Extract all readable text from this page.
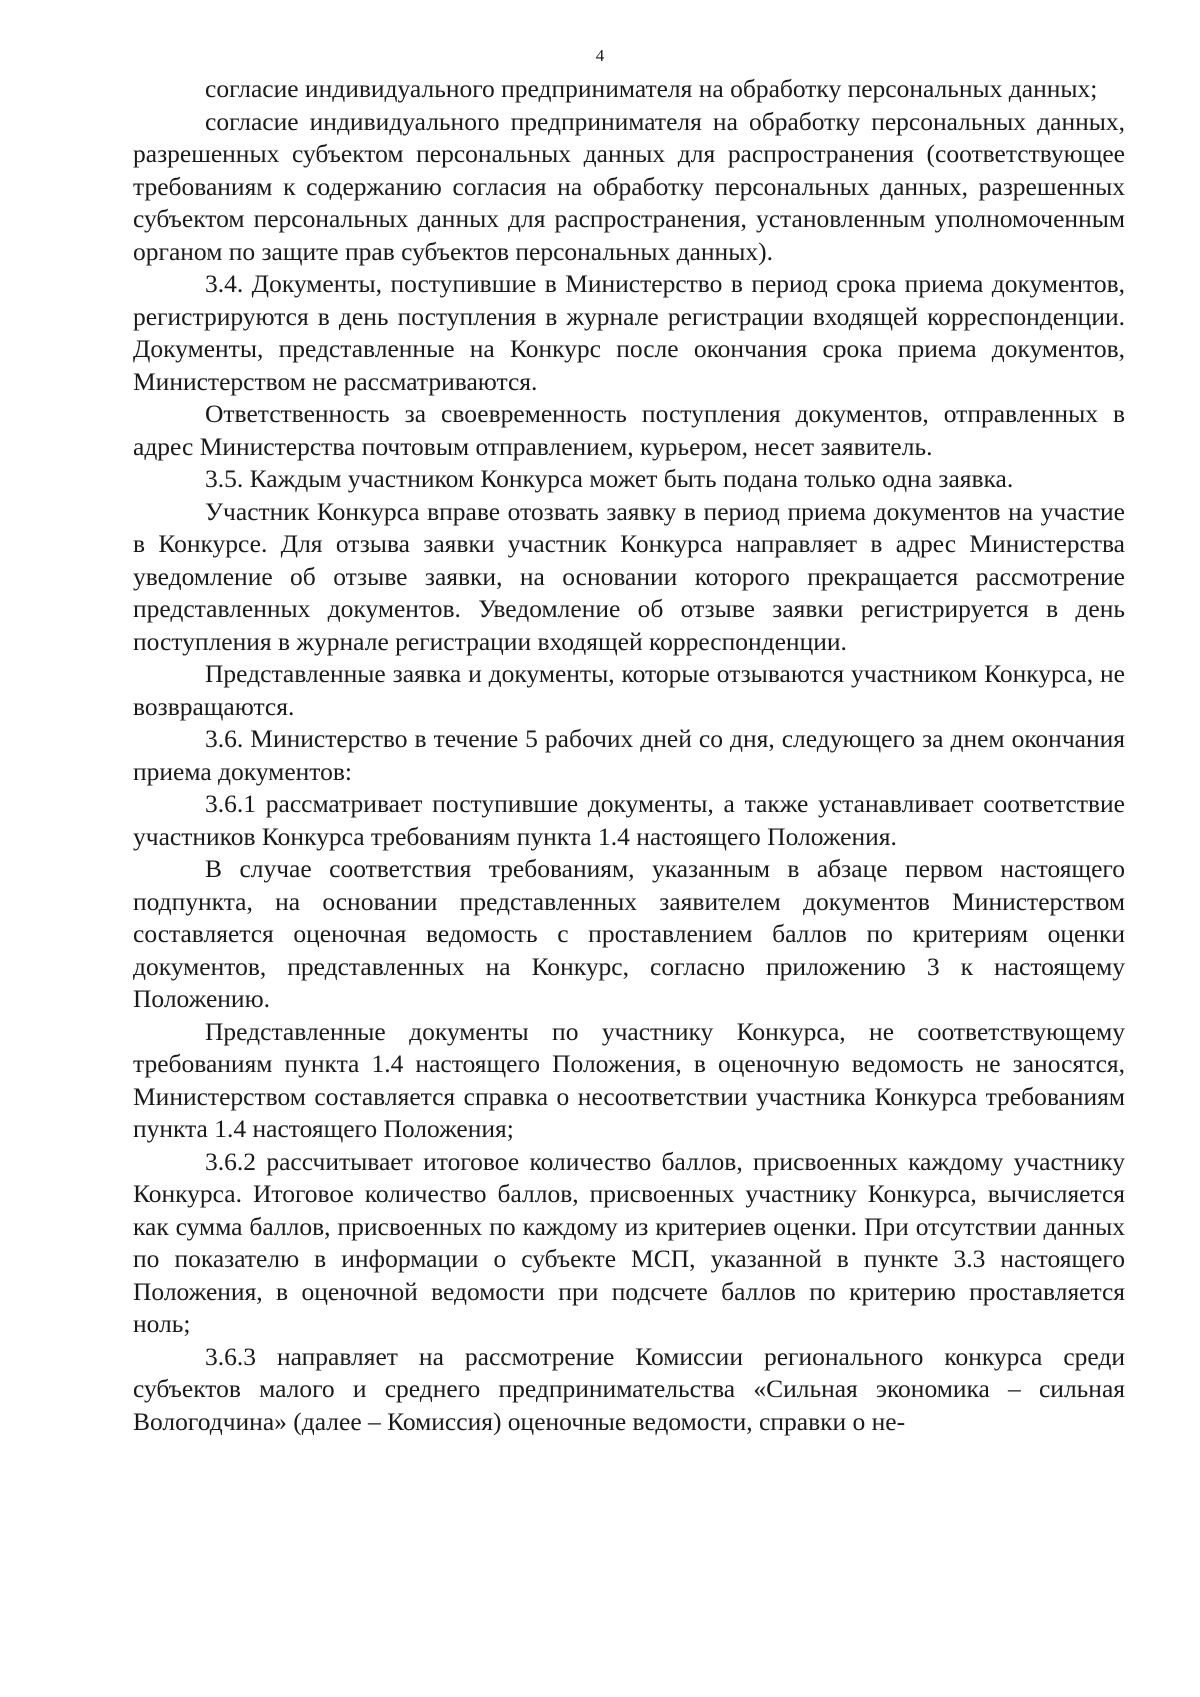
4

согласие индивидуального предпринимателя на обработку персональных данных;

согласие индивидуального предпринимателя на обработку персональных данных, разрешенных субъектом персональных данных для распространения (соответствующее требованиям к содержанию согласия на обработку персональных данных, разрешенных субъектом персональных данных для распространения, установленным уполномоченным органом по защите прав субъектов персональных данных).

3.4. Документы, поступившие в Министерство в период срока приема документов, регистрируются в день поступления в журнале регистрации входящей корреспонденции. Документы, представленные на Конкурс после окончания срока приема документов, Министерством не рассматриваются.

Ответственность за своевременность поступления документов, отправленных в адрес Министерства почтовым отправлением, курьером, несет заявитель.

3.5. Каждым участником Конкурса может быть подана только одна заявка.

Участник Конкурса вправе отозвать заявку в период приема документов на участие в Конкурсе. Для отзыва заявки участник Конкурса направляет в адрес Министерства уведомление об отзыве заявки, на основании которого прекращается рассмотрение представленных документов. Уведомление об отзыве заявки регистрируется в день поступления в журнале регистрации входящей корреспонденции.

Представленные заявка и документы, которые отзываются участником Конкурса, не возвращаются.

3.6. Министерство в течение 5 рабочих дней со дня, следующего за днем окончания приема документов:

3.6.1 рассматривает поступившие документы, а также устанавливает соответствие участников Конкурса требованиям пункта 1.4 настоящего Положения.

В случае соответствия требованиям, указанным в абзаце первом настоящего подпункта, на основании представленных заявителем документов Министерством составляется оценочная ведомость с проставлением баллов по критериям оценки документов, представленных на Конкурс, согласно приложению 3 к настоящему Положению.

Представленные документы по участнику Конкурса, не соответствующему требованиям пункта 1.4 настоящего Положения, в оценочную ведомость не заносятся, Министерством составляется справка о несоответствии участника Конкурса требованиям пункта 1.4 настоящего Положения;

3.6.2 рассчитывает итоговое количество баллов, присвоенных каждому участнику Конкурса. Итоговое количество баллов, присвоенных участнику Конкурса, вычисляется как сумма баллов, присвоенных по каждому из критериев оценки. При отсутствии данных по показателю в информации о субъекте МСП, указанной в пункте 3.3 настоящего Положения, в оценочной ведомости при подсчете баллов по критерию проставляется ноль;

3.6.3 направляет на рассмотрение Комиссии регионального конкурса среди субъектов малого и среднего предпринимательства «Сильная экономика – сильная Вологодчина» (далее – Комиссия) оценочные ведомости, справки о не-
